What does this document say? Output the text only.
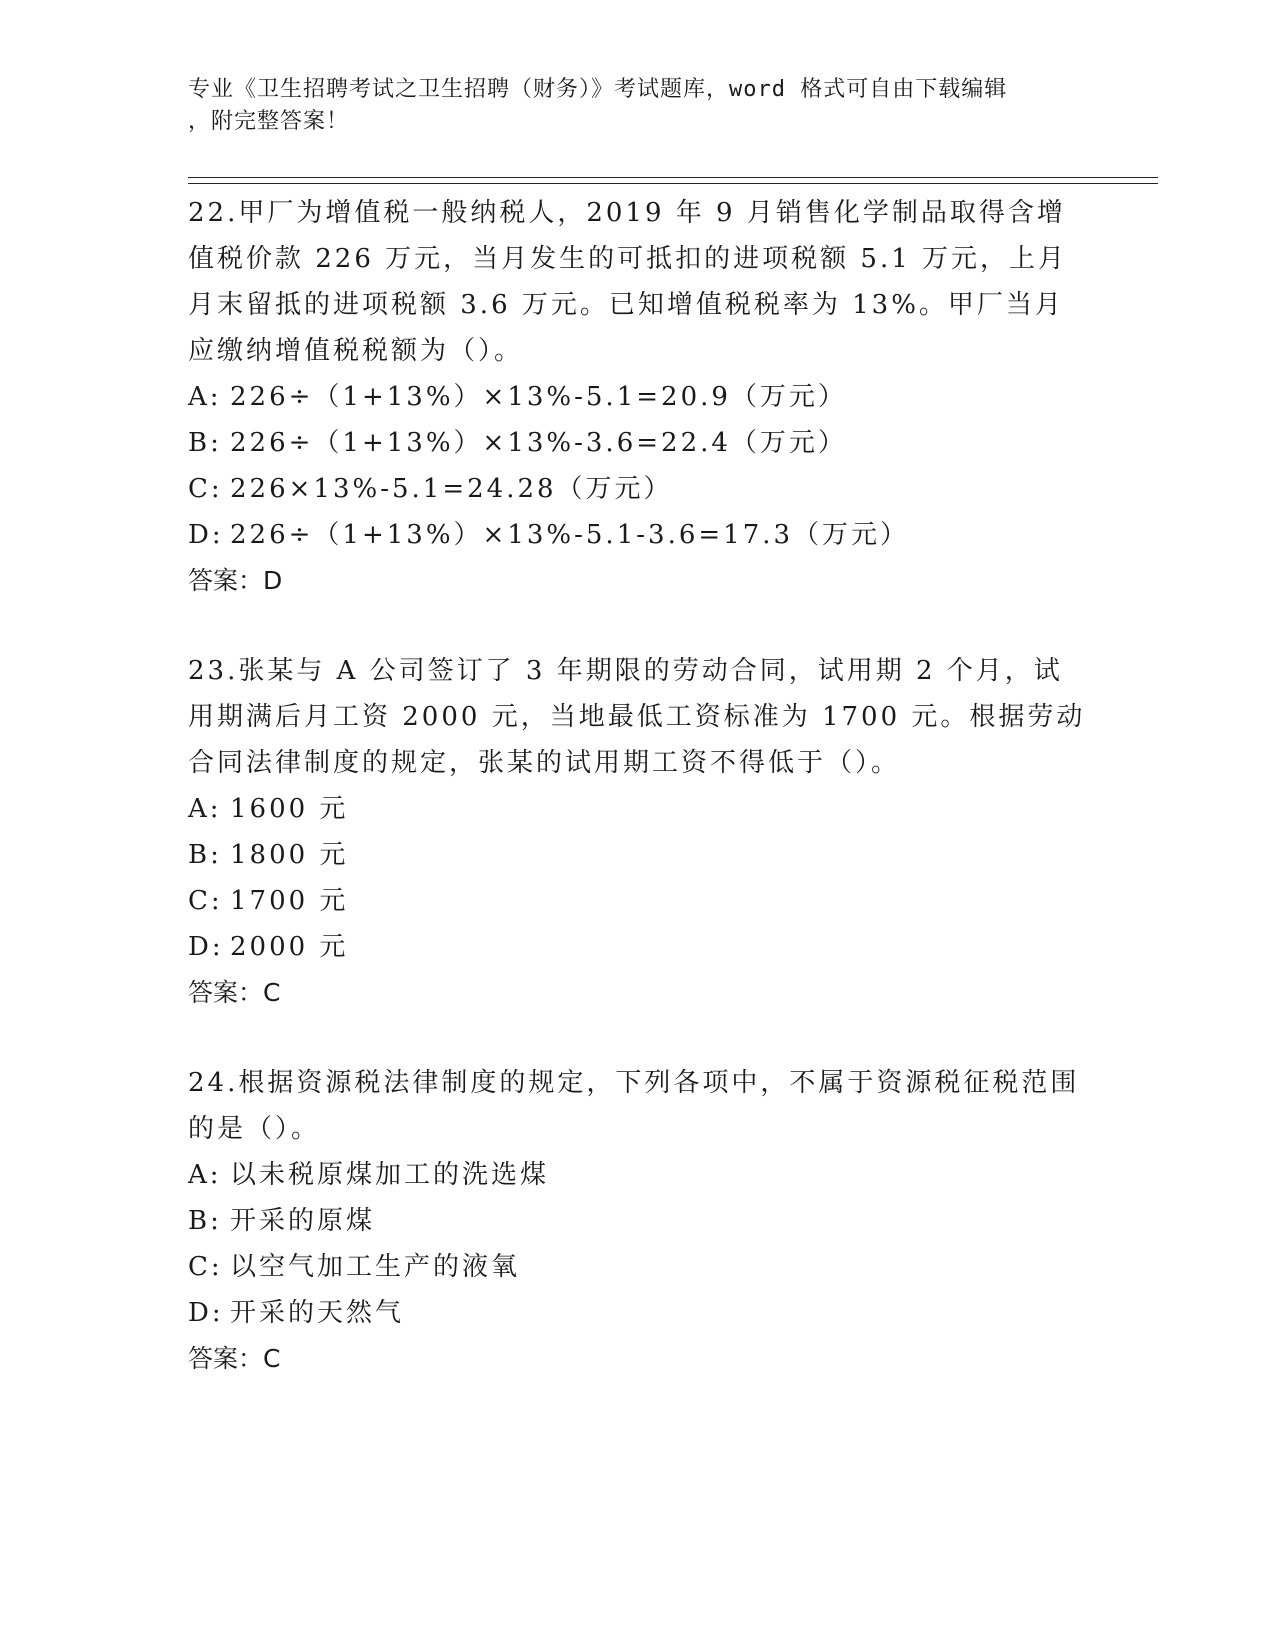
专业《卫生招聘考试之卫生招聘（财务）》考试题库，word 格式可自由下载编辑
，附完整答案！

22.甲厂为增值税一般纳税人，2019 年 9 月销售化学制品取得含增值税价款 226 万元，当月发生的可抵扣的进项税额 5.1 万元，上月月末留抵的进项税额 3.6 万元。已知增值税税率为 13%。甲厂当月应缴纳增值税税额为（）。

A: 226÷（1+13%）×13%-5.1=20.9（万元）

B: 226÷（1+13%）×13%-3.6=22.4（万元）

C: 226×13%-5.1=24.28（万元）

D: 226÷（1+13%）×13%-5.1-3.6=17.3（万元）

答案：D

23.张某与 A 公司签订了 3 年期限的劳动合同，试用期 2 个月，试用期满后月工资 2000 元，当地最低工资标准为 1700 元。根据劳动合同法律制度的规定，张某的试用期工资不得低于（）。

A: 1600 元

B: 1800 元

C: 1700 元

D: 2000 元

答案：C

24.根据资源税法律制度的规定，下列各项中，不属于资源税征税范围的是（）。

A: 以未税原煤加工的洗选煤

B: 开采的原煤

C: 以空气加工生产的液氧

D: 开采的天然气

答案：C
